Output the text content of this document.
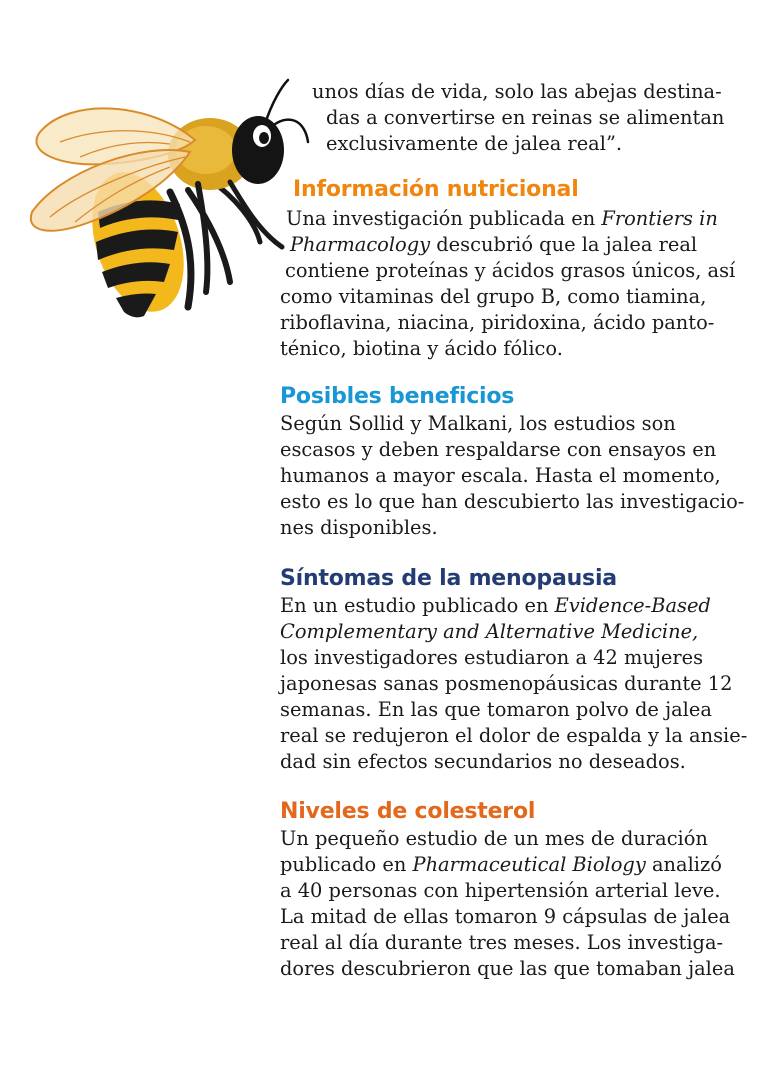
unos días de vida, solo las abejas destina-
das a convertirse en reinas se alimentan
exclusivamente de jalea real”.
Información nutricional
Posibles beneficios
Síntomas de la menopausia
Niveles de colesterol
Una investigación publicada en Frontiers in
Pharmacology descubrió que la jalea real
contiene proteínas y ácidos grasos únicos, así
como vitaminas del grupo B, como tiamina,
riboflavina, niacina, piridoxina, ácido panto-
ténico, biotina y ácido fólico.
Según Sollid y Malkani, los estudios son
escasos y deben respaldarse con ensayos en
humanos a mayor escala. Hasta el momento,
esto es lo que han descubierto las investigacio-
nes disponibles.
En un estudio publicado en Evidence-Based
Complementary and Alternative Medicine,
los investigadores estudiaron a 42 mujeres
japonesas sanas posmenopáusicas durante 12
semanas. En las que tomaron polvo de jalea
real se redujeron el dolor de espalda y la ansie-
dad sin efectos secundarios no deseados.
Un pequeño estudio de un mes de duración
publicado en Pharmaceutical Biology analizó
a 40 personas con hipertensión arterial leve.
La mitad de ellas tomaron 9 cápsulas de jalea
real al día durante tres meses. Los investiga-
dores descubrieron que las que tomaban jalea
